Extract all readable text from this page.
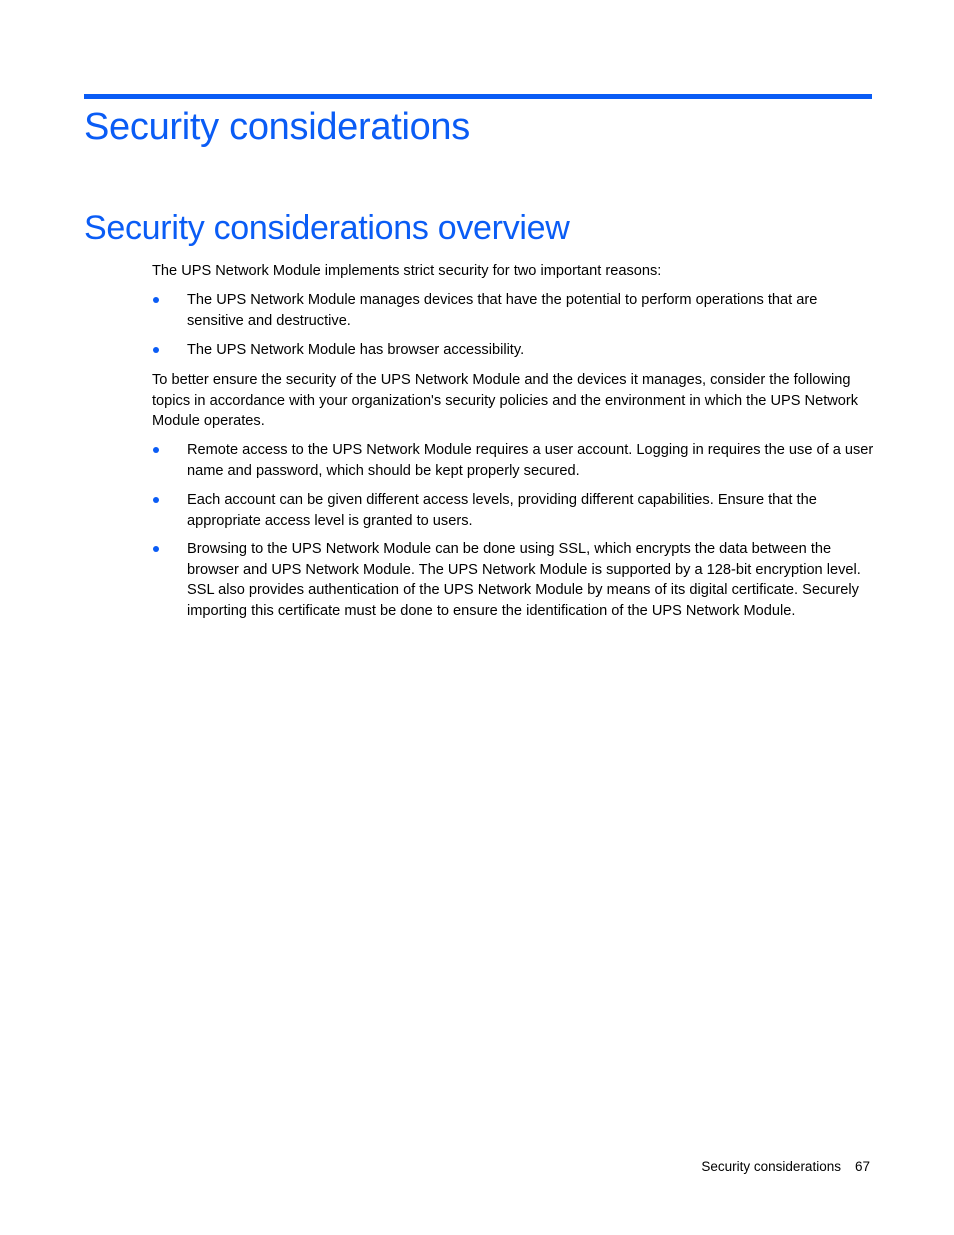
Security considerations
Security considerations overview

The UPS Network Module implements strict security for two important reasons:

The UPS Network Module manages devices that have the potential to perform operations that are sensitive and destructive.

The UPS Network Module has browser accessibility.

To better ensure the security of the UPS Network Module and the devices it manages, consider the following topics in accordance with your organization's security policies and the environment in which the UPS Network Module operates.

Remote access to the UPS Network Module requires a user account. Logging in requires the use of a user name and password, which should be kept properly secured.

Each account can be given different access levels, providing different capabilities. Ensure that the appropriate access level is granted to users.

Browsing to the UPS Network Module can be done using SSL, which encrypts the data between the browser and UPS Network Module. The UPS Network Module is supported by a 128-bit encryption level. SSL also provides authentication of the UPS Network Module by means of its digital certificate. Securely importing this certificate must be done to ensure the identification of the UPS Network Module.

Security considerations 67
